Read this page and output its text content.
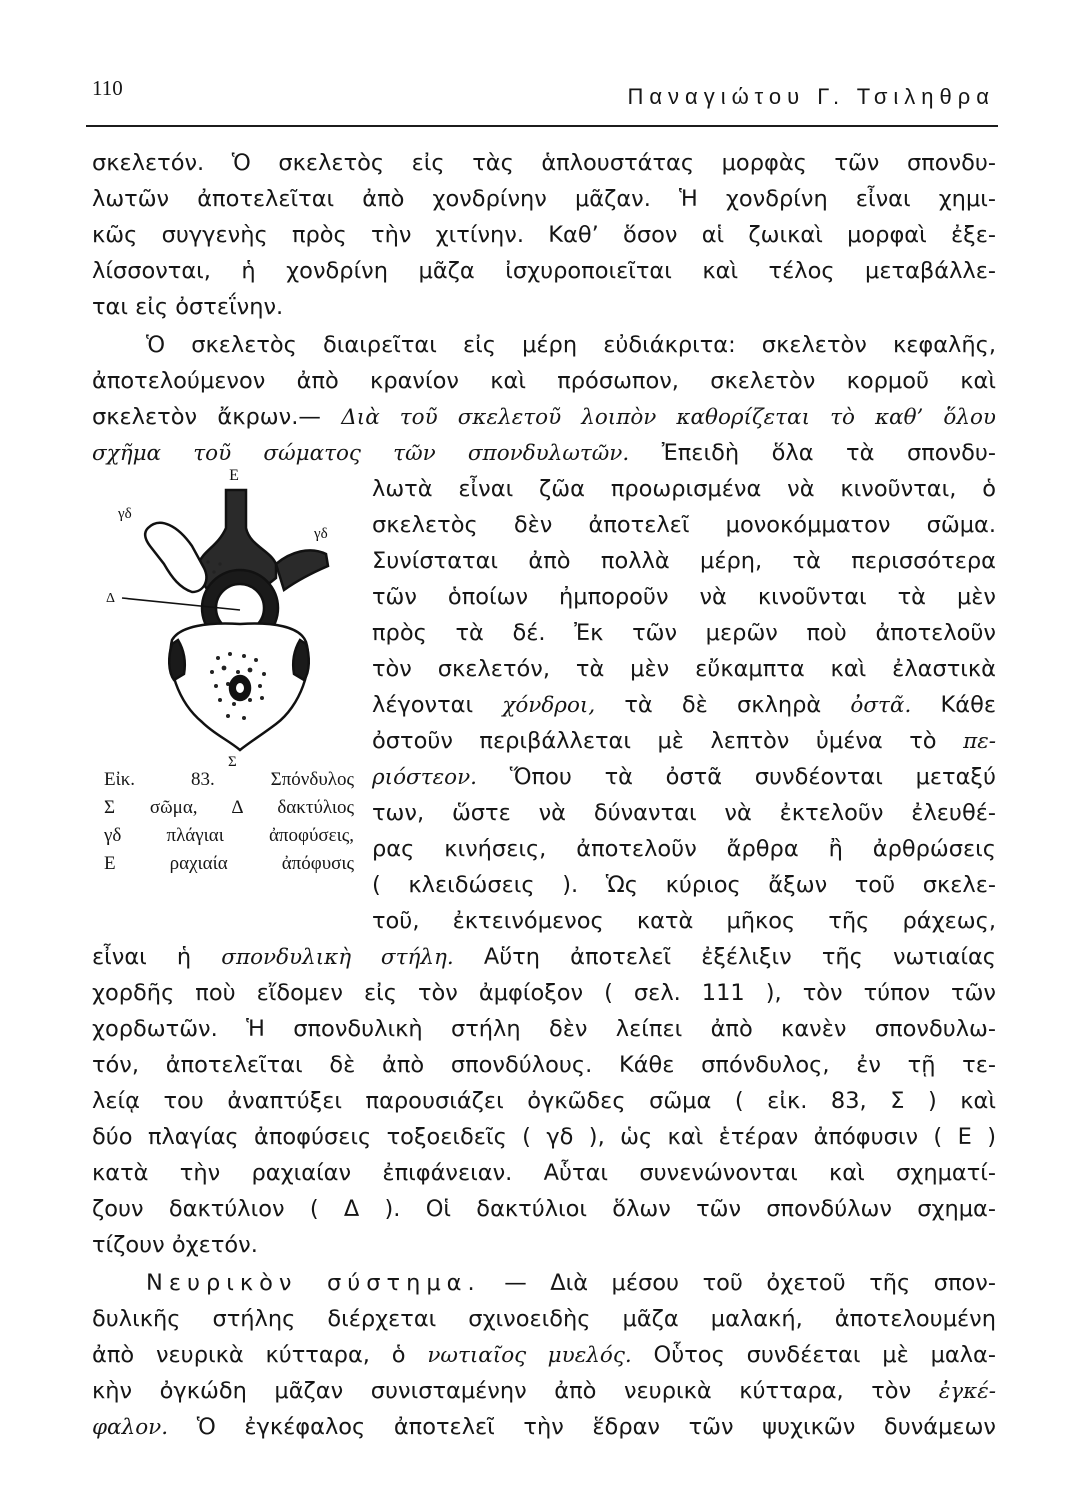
110	Παναγιώτου Γ. Τσιληθρα
σκελετόν. Ὁ σκελετὸς εἰς τὰς ἁπλουστάτας μορφὰς τῶν σπονδυ-
λωτῶν ἀποτελεῖται ἀπὸ χονδρίνην μᾶζαν. Ἡ χονδρίνη εἶναι χημι-
κῶς συγγενὴς πρὸς τὴν χιτίνην. Καθ’ ὅσον αἱ ζωικαὶ μορφαὶ ἐξε-
λίσσονται, ἡ χονδρίνη μᾶζα ἰσχυροποιεῖται καὶ τέλος μεταβάλλε-
ται εἰς ὀστεΐνην.
Ὁ σκελετὸς διαιρεῖται εἰς μέρη εὐδιάκριτα: σκελετὸν κεφαλῆς,
ἀποτελούμενον ἀπὸ κρανίον καὶ πρόσωπον, σκελετὸν κορμοῦ καὶ
σκελετὸν ἄκρων.— Διὰ τοῦ σκελετοῦ λοιπὸν καθορίζεται τὸ καθ’ ὅλου
σχῆμα τοῦ σώματος τῶν σπονδυλωτῶν. Ἐπειδὴ ὅλα τὰ σπονδυ-
λωτὰ εἶναι ζῶα προωρισμένα νὰ κινοῦνται, ὁ
σκελετὸς δὲν ἀποτελεῖ μονοκόμματον σῶμα.
Συνίσταται ἀπὸ πολλὰ μέρη, τὰ περισσότερα
τῶν ὁποίων ἠμποροῦν νὰ κινοῦνται τὰ μὲν
πρὸς τὰ δέ. Ἐκ τῶν μερῶν ποὺ ἀποτελοῦν
τὸν σκελετόν, τὰ μὲν εὔκαμπτα καὶ ἐλαστικὰ
λέγονται χόνδροι, τὰ δὲ σκληρὰ ὀστᾶ. Κάθε
ὀστοῦν περιβάλλεται μὲ λεπτὸν ὑμένα τὸ πε-
ριόστεον. Ὅπου τὰ ὀστᾶ συνδέονται μεταξύ
των, ὥστε νὰ δύνανται νὰ ἐκτελοῦν ἐλευθέ-
ρας κινήσεις, ἀποτελοῦν ἄρθρα ἢ ἀρθρώσεις
( κλειδώσεις ). Ὡς κύριος ἄξων τοῦ σκελε-
τοῦ, ἐκτεινόμενος κατὰ μῆκος τῆς ράχεως,
Ε
γδ
γδ
Δ
Σ
Εἰκ. 83. Σπόνδυλος
Σ σῶμα, Δ δακτύλιος
γδ πλάγιαι ἀποφύσεις,
Ε ραχιαία ἀπόφυσις
εἶναι ἡ σπονδυλικὴ στήλη. Αὕτη ἀποτελεῖ ἐξέλιξιν τῆς νωτιαίας
χορδῆς ποὺ εἴδομεν εἰς τὸν ἀμφίοξον ( σελ. 111 ), τὸν τύπον τῶν
χορδωτῶν. Ἡ σπονδυλικὴ στήλη δὲν λείπει ἀπὸ κανὲν σπονδυλω-
τόν, ἀποτελεῖται δὲ ἀπὸ σπονδύλους. Κάθε σπόνδυλος, ἐν τῇ τε-
λείᾳ του ἀναπτύξει παρουσιάζει ὀγκῶδες σῶμα ( εἰκ. 83, Σ ) καὶ
δύο πλαγίας ἀποφύσεις τοξοειδεῖς ( γδ ), ὡς καὶ ἑτέραν ἀπόφυσιν ( Ε )
κατὰ τὴν ραχιαίαν ἐπιφάνειαν. Αὗται συνενώνονται καὶ σχηματί-
ζουν δακτύλιον ( Δ ). Οἱ δακτύλιοι ὅλων τῶν σπονδύλων σχημα-
τίζουν ὀχετόν.
Νευρικὸν σύστημα. — Διὰ μέσου τοῦ ὀχετοῦ τῆς σπον-
δυλικῆς στήλης διέρχεται σχινοειδὴς μᾶζα μαλακή, ἀποτελουμένη
ἀπὸ νευρικὰ κύτταρα, ὁ νωτιαῖος μυελός. Οὗτος συνδέεται μὲ μαλα-
κὴν ὀγκώδη μᾶζαν συνισταμένην ἀπὸ νευρικὰ κύτταρα, τὸν ἐγκέ-
φαλον. Ὁ ἐγκέφαλος ἀποτελεῖ τὴν ἕδραν τῶν ψυχικῶν δυνάμεων
